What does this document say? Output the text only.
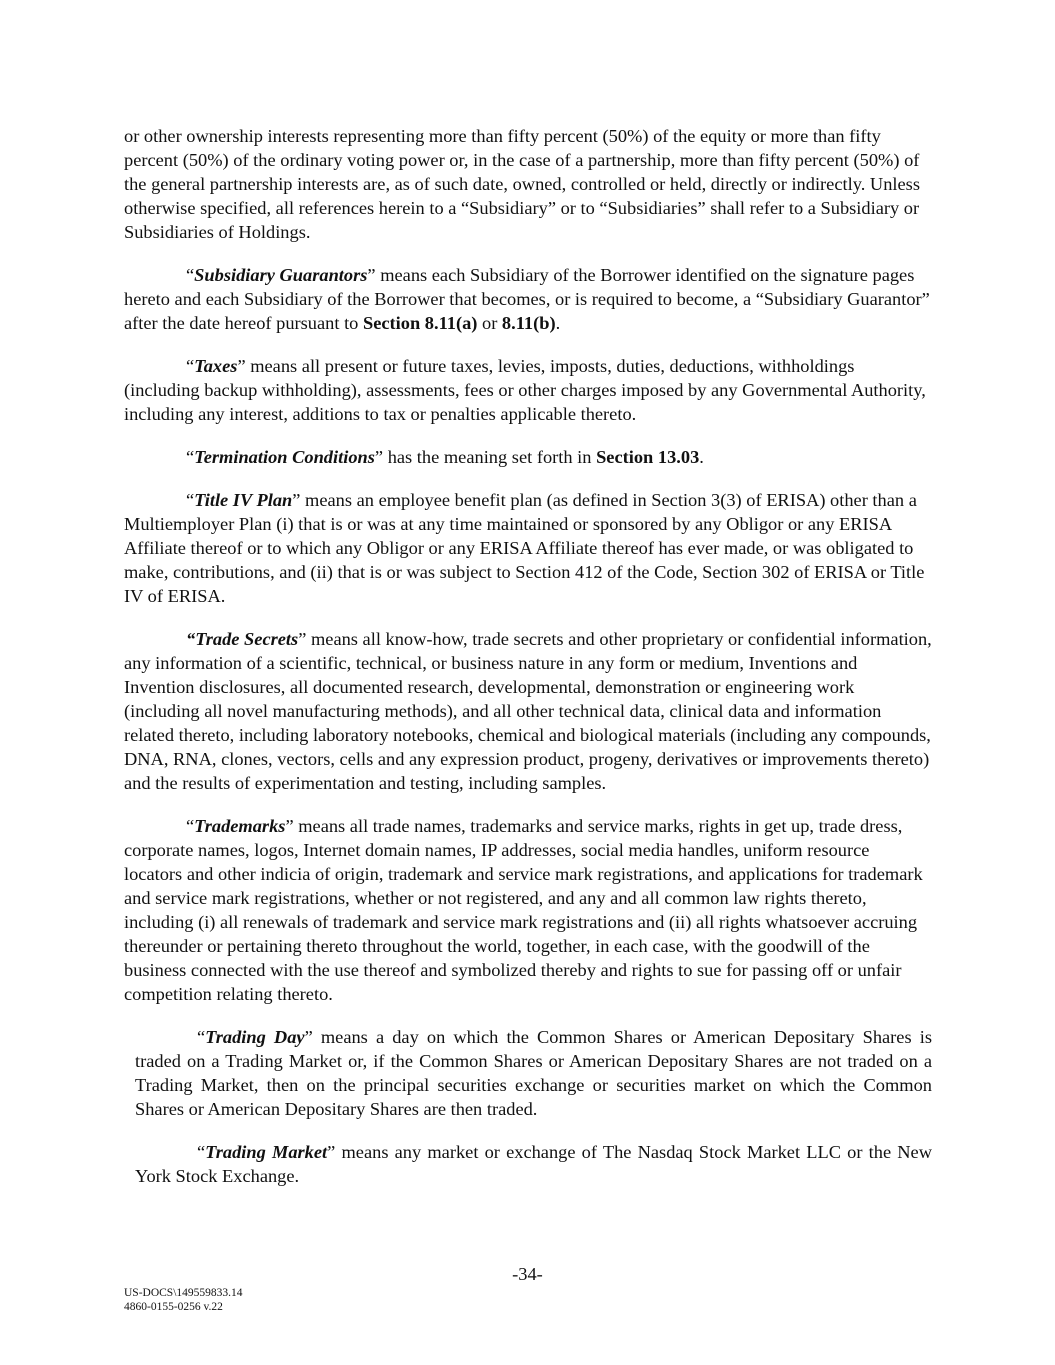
or other ownership interests representing more than fifty percent (50%) of the equity or more than fifty percent (50%) of the ordinary voting power or, in the case of a partnership, more than fifty percent (50%) of the general partnership interests are, as of such date, owned, controlled or held, directly or indirectly. Unless otherwise specified, all references herein to a “Subsidiary” or to “Subsidiaries” shall refer to a Subsidiary or Subsidiaries of Holdings.

“Subsidiary Guarantors” means each Subsidiary of the Borrower identified on the signature pages hereto and each Subsidiary of the Borrower that becomes, or is required to become, a “Subsidiary Guarantor” after the date hereof pursuant to Section 8.11(a) or 8.11(b).

“Taxes” means all present or future taxes, levies, imposts, duties, deductions, withholdings (including backup withholding), assessments, fees or other charges imposed by any Governmental Authority, including any interest, additions to tax or penalties applicable thereto.

“Termination Conditions” has the meaning set forth in Section 13.03.

“Title IV Plan” means an employee benefit plan (as defined in Section 3(3) of ERISA) other than a Multiemployer Plan (i) that is or was at any time maintained or sponsored by any Obligor or any ERISA Affiliate thereof or to which any Obligor or any ERISA Affiliate thereof has ever made, or was obligated to make, contributions, and (ii) that is or was subject to Section 412 of the Code, Section 302 of ERISA or Title IV of ERISA.

“Trade Secrets” means all know-how, trade secrets and other proprietary or confidential information, any information of a scientific, technical, or business nature in any form or medium, Inventions and Invention disclosures, all documented research, developmental, demonstration or engineering work (including all novel manufacturing methods), and all other technical data, clinical data and information related thereto, including laboratory notebooks, chemical and biological materials (including any compounds, DNA, RNA, clones, vectors, cells and any expression product, progeny, derivatives or improvements thereto) and the results of experimentation and testing, including samples.

“Trademarks” means all trade names, trademarks and service marks, rights in get up, trade dress, corporate names, logos, Internet domain names, IP addresses, social media handles, uniform resource locators and other indicia of origin, trademark and service mark registrations, and applications for trademark and service mark registrations, whether or not registered, and any and all common law rights thereto, including (i) all renewals of trademark and service mark registrations and (ii) all rights whatsoever accruing thereunder or pertaining thereto throughout the world, together, in each case, with the goodwill of the business connected with the use thereof and symbolized thereby and rights to sue for passing off or unfair competition relating thereto.

“Trading Day” means a day on which the Common Shares or American Depositary Shares is traded on a Trading Market or, if the Common Shares or American Depositary Shares are not traded on a Trading Market, then on the principal securities exchange or securities market on which the Common Shares or American Depositary Shares are then traded.

“Trading Market” means any market or exchange of The Nasdaq Stock Market LLC or the New York Stock Exchange.

-34-
US-DOCS\149559833.14
4860-0155-0256 v.22
